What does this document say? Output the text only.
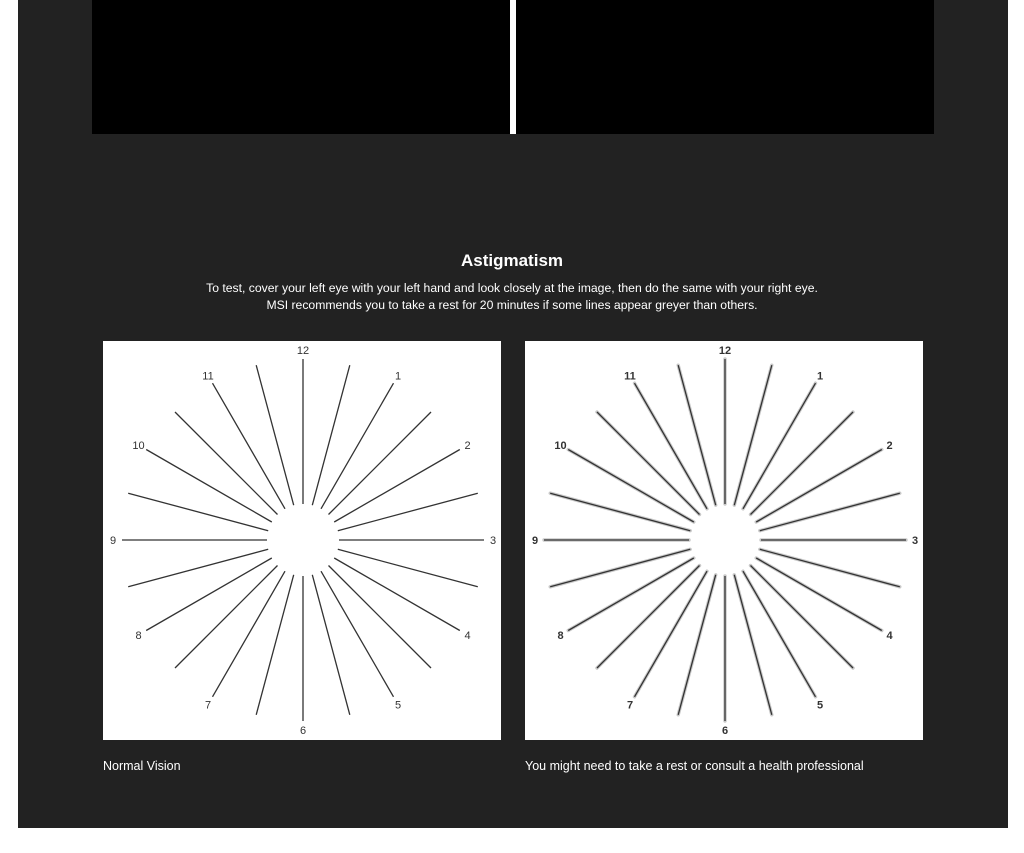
Astigmatism
To test, cover your left eye with your left hand and look closely at the image, then do the same with your right eye. MSI recommends you to take a rest for 20 minutes if some lines appear greyer than others.
12
1
2
3
4
5
6
7
8
9
10
11
12
1
2
3
4
5
6
7
8
9
10
11
Normal Vision	You might need to take a rest or consult a health professional
